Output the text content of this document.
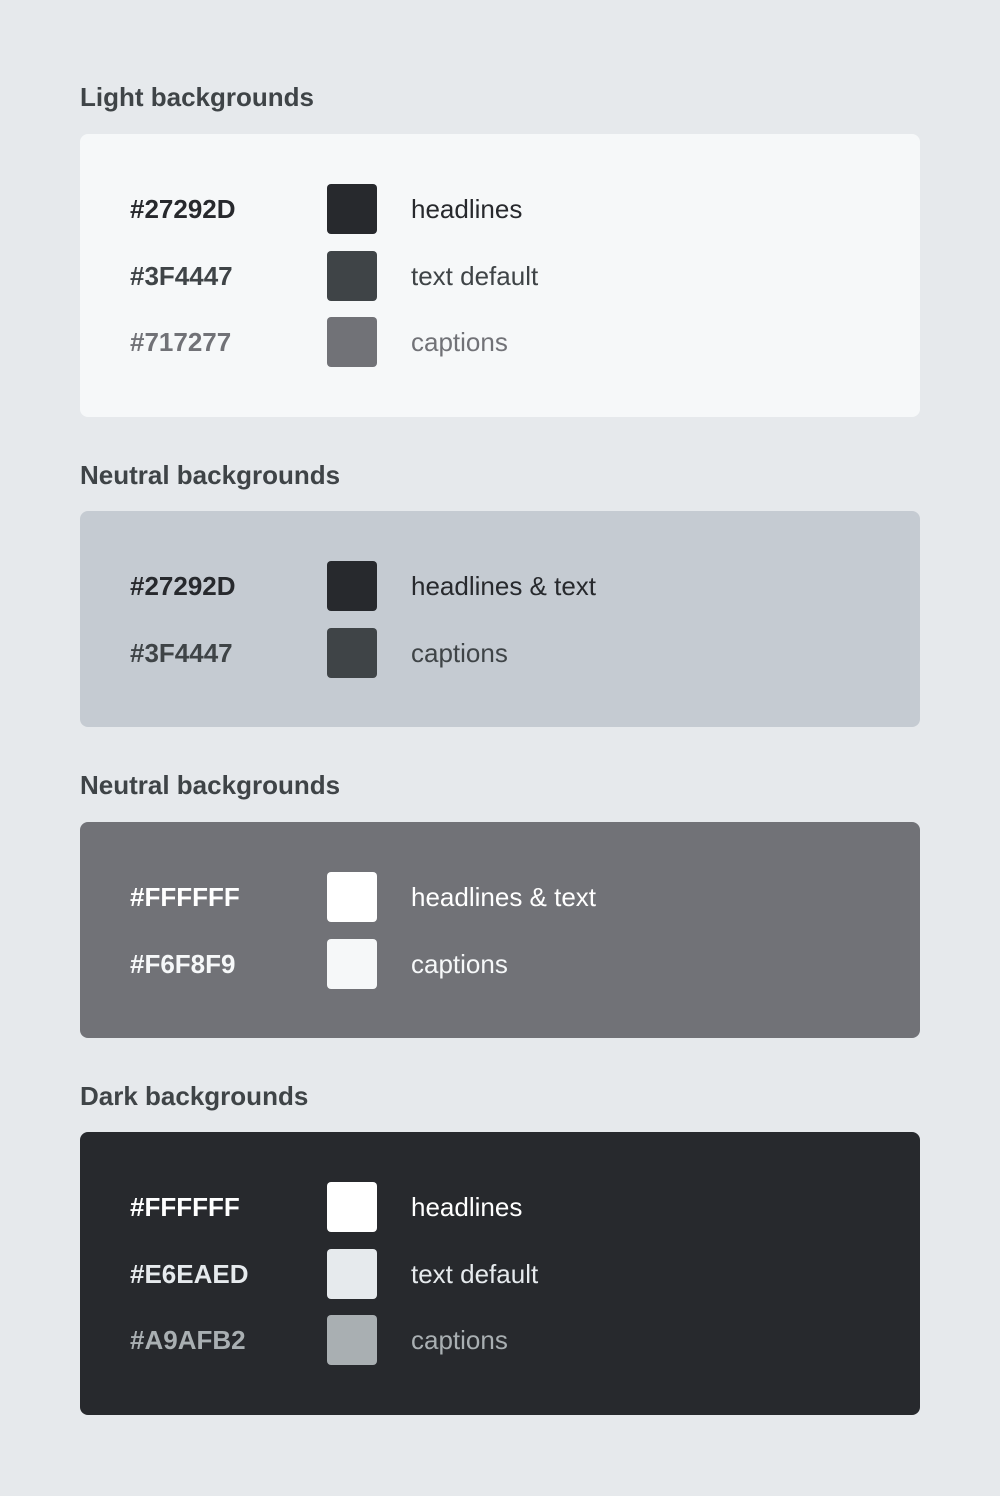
Light backgrounds
#27292D	headlines
#3F4447	text default
#717277	captions
Neutral backgrounds
#27292D	headlines & text
#3F4447	captions
Neutral backgrounds
#FFFFFF	headlines & text
#F6F8F9	captions
Dark backgrounds
#FFFFFF	headlines
#E6EAED	text default
#A9AFB2	captions
